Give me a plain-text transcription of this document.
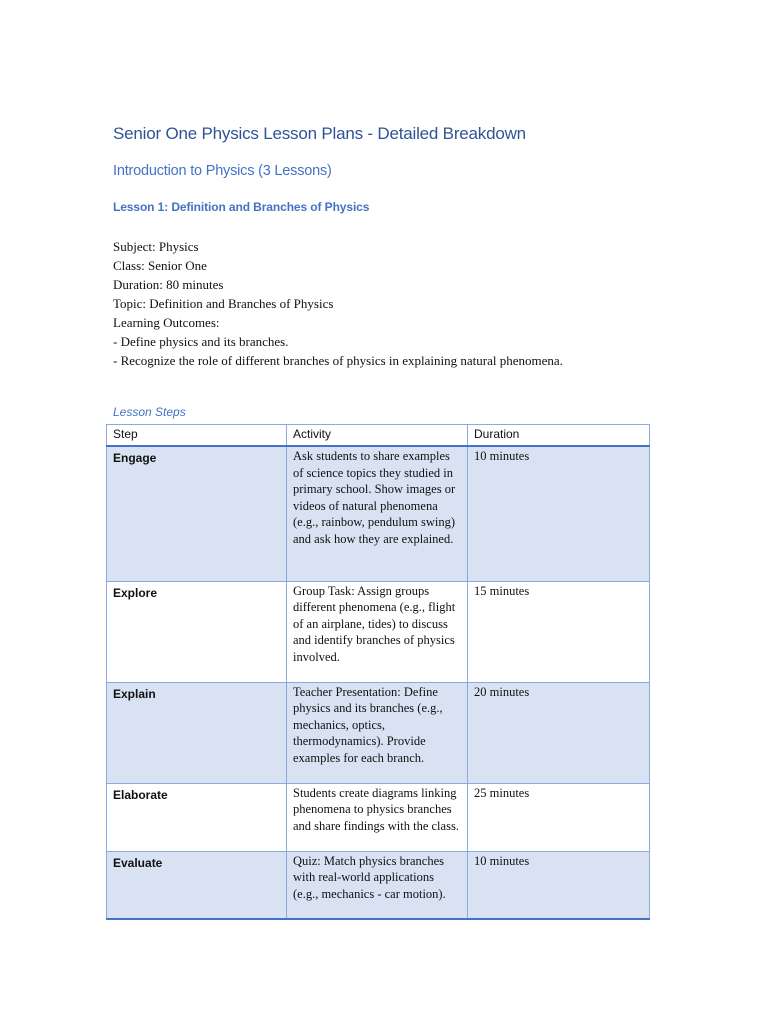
Senior One Physics Lesson Plans - Detailed Breakdown
Introduction to Physics (3 Lessons)
Lesson 1: Definition and Branches of Physics
Subject: Physics
Class: Senior One
Duration: 80 minutes
Topic: Definition and Branches of Physics
Learning Outcomes:
- Define physics and its branches.
- Recognize the role of different branches of physics in explaining natural phenomena.
Lesson Steps
Step	Activity	Duration
Engage	Ask students to share examples of science topics they studied in primary school. Show images or videos of natural phenomena (e.g., rainbow, pendulum swing) and ask how they are explained.	10 minutes
Explore	Group Task: Assign groups different phenomena (e.g., flight of an airplane, tides) to discuss and identify branches of physics involved.	15 minutes
Explain	Teacher Presentation: Define physics and its branches (e.g., mechanics, optics, thermodynamics). Provide examples for each branch.	20 minutes
Elaborate	Students create diagrams linking phenomena to physics branches and share findings with the class.	25 minutes
Evaluate	Quiz: Match physics branches with real-world applications (e.g., mechanics - car motion).	10 minutes
